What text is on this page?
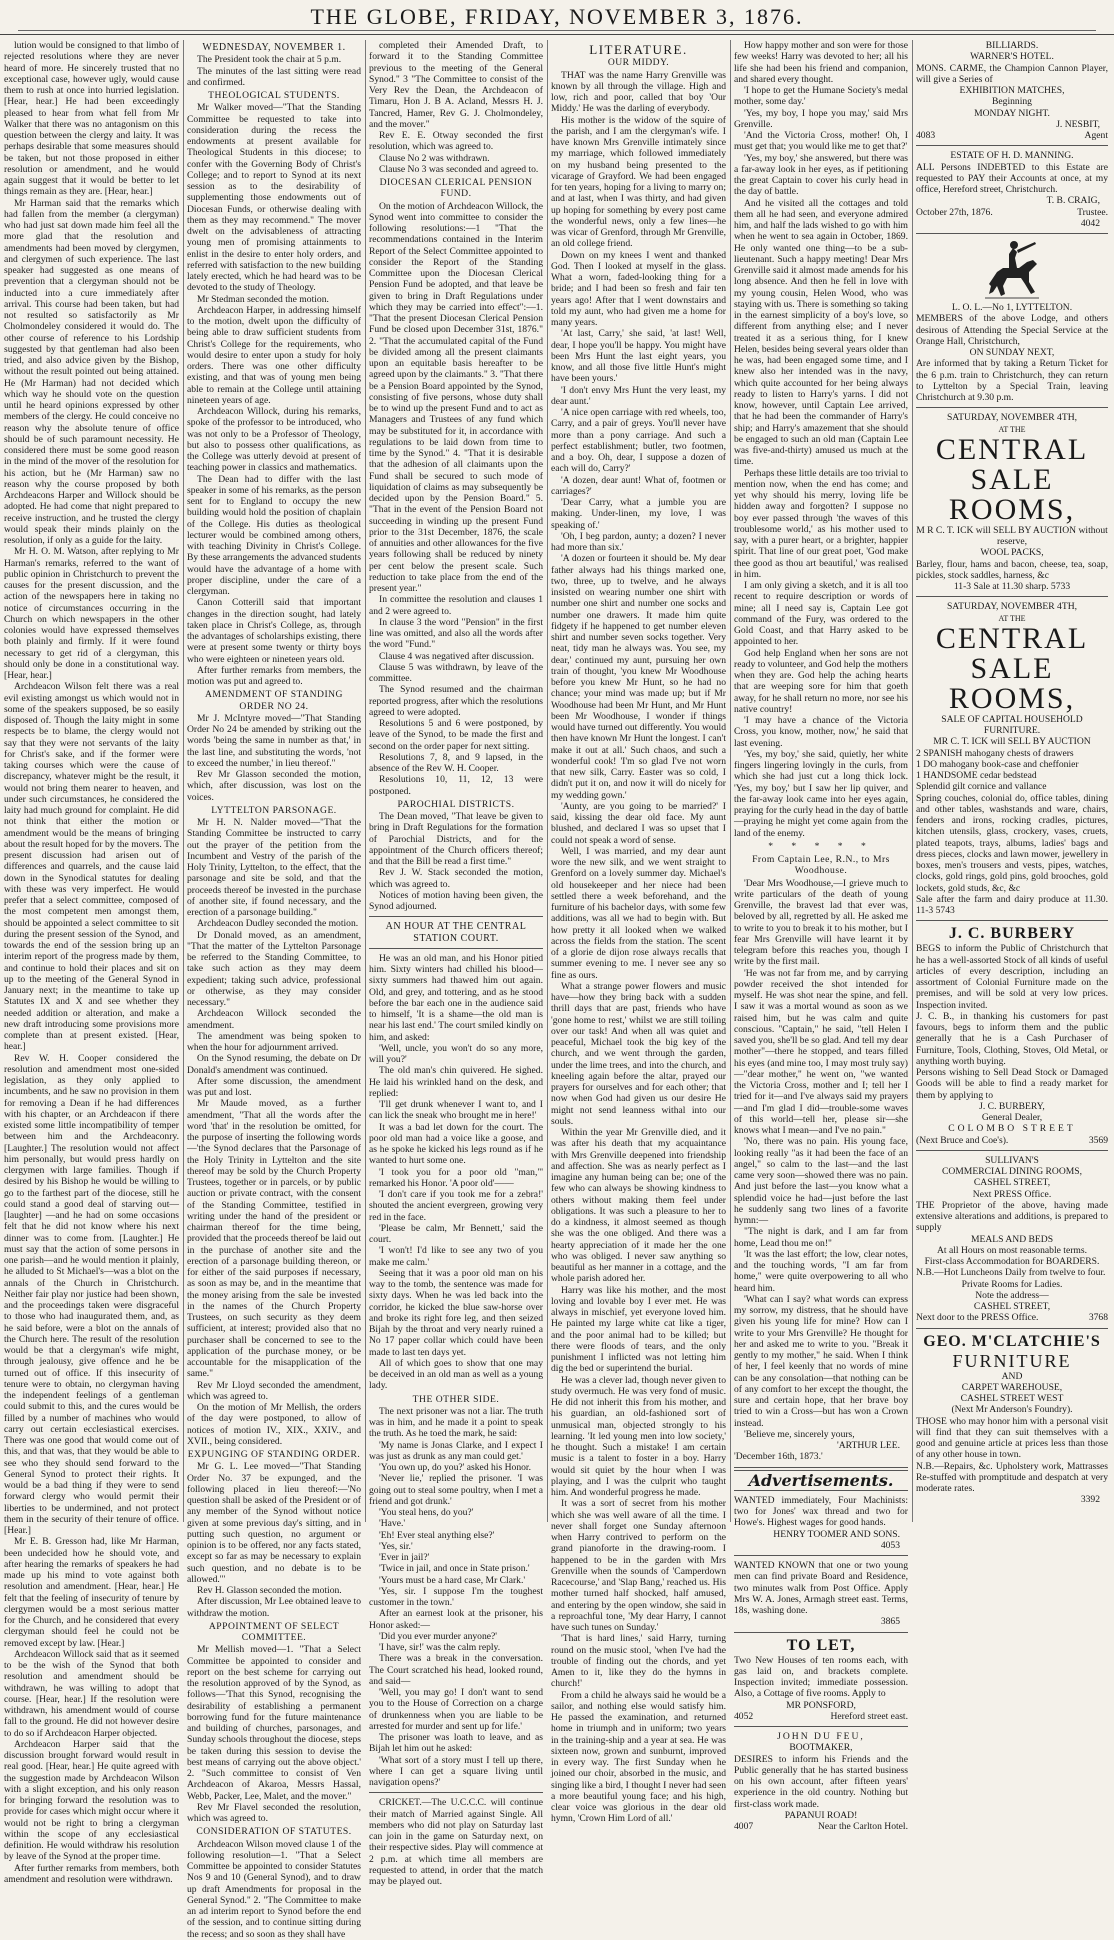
THE GLOBE, FRIDAY, NOVEMBER 3, 1876.

lution would be consigned to that limbo of rejected resolutions where they are never heard of more. He sincerely trusted that no exceptional case, however ugly, would cause them to rush at once into hurried legislation. [Hear, hear.] He had been exceedingly pleased to hear from what fell from Mr Walker that there was no antagonism on this question between the clergy and laity. It was perhaps desirable that some measures should be taken, but not those proposed in either resolution or amendment, and he would again suggest that it would be better to let things remain as they are. [Hear, hear.]

Mr Harman said that the remarks which had fallen from the member (a clergyman) who had just sat down made him feel all the more glad that the resolution and amendments had been moved by clergymen, and clergymen of such experience. The last speaker had suggested as one means of prevention that a clergyman should not be inducted into a cure immediately after arrival. This course had been taken, but had not resulted so satisfactorily as Mr Cholmondeley considered it would do. The other course of reference to his Lordship suggested by that gentleman had also been tried, and also advice given by the Bishop, without the result pointed out being attained. He (Mr Harman) had not decided which which way he should vote on the question until he heard opinions expressed by other members of the clergy. He could conceive no reason why the absolute tenure of office should be of such paramount necessity. He considered there must be some good reason in the mind of the mover of the resolution for his action, but he (Mr Harman) saw no reason why the course proposed by both Archdeacons Harper and Willock should be adopted. He had come that night prepared to receive instruction, and he trusted the clergy would speak their minds plainly on the resolution, if only as a guide for the laity.

Mr H. O. M. Watson, after replying to Mr Harman's remarks, referred to the want of public opinion in Christchurch to prevent the causes for the present discussion, and the action of the newspapers here in taking no notice of circumstances occurring in the Church on which newspapers in the other colonies would have expressed themselves both plainly and firmly. If it were found necessary to get rid of a clergyman, this should only be done in a constitutional way. [Hear, hear.]

Archdeacon Wilson felt there was a real evil existing amongst us which would not in some of the speakers supposed, be so easily disposed of. Though the laity might in some respects be to blame, the clergy would not say that they were not servants of the laity for Christ's sake, and if the former were taking courses which were the cause of discrepancy, whatever might be the result, it would not bring them nearer to heaven, and under such circumstances, he considered the laity had much ground for complaint. He did not think that either the motion or amendment would be the means of bringing about the result hoped for by the movers. The present discussion had arisen out of differences and quarrels, and the cause laid down in the Synodical statutes for dealing with these was very imperfect. He would prefer that a select committee, composed of the most competent men amongst them, should be appointed a select committee to sit during the present session of the Synod, and towards the end of the session bring up an interim report of the progress made by them, and continue to hold their places and sit on up to the meeting of the General Synod in January next; in the meantime to take up Statutes IX and X and see whether they needed addition or alteration, and make a new draft introducing some provisions more complete than at present existed. [Hear, hear.]

Rev W. H. Cooper considered the resolution and amendment most one-sided legislation, as they only applied to incumbents, and he saw no provision in them for removing a Dean if he had differences with his chapter, or an Archdeacon if there existed some little incompatibility of temper between him and the Archdeaconry. [Laughter.] The resolution would not affect him personally, but would press hardly on clergymen with large families. Though if desired by his Bishop he would be willing to go to the farthest part of the diocese, still he could stand a good deal of starving out—[laughter] —and he had on some occasions felt that he did not know where his next dinner was to come from. [Laughter.] He must say that the action of some persons in one parish—and he would mention it plainly, he alluded to St Michael's—was a blot on the annals of the Church in Christchurch. Neither fair play nor justice had been shown, and the proceedings taken were disgraceful to those who had inaugurated them, and, as he said before, were a blot on the annals of the Church here. The result of the resolution would be that a clergyman's wife might, through jealousy, give offence and he be turned out of office. If this insecurity of tenure were to obtain, no clergyman having the independent feelings of a gentleman could submit to this, and the cures would be filled by a number of machines who would carry out certain ecclesiastical exercises. There was one good that would come out of this, and that was, that they would be able to see who they should send forward to the General Synod to protect their rights. It would be a bad thing if they were to send forward clergy who would permit their liberties to be undermined, and not protect them in the security of their tenure of office. [Hear.]

Mr E. B. Gresson had, like Mr Harman, been undecided how he should vote, and after hearing the remarks of speakers he had made up his mind to vote against both resolution and amendment. [Hear, hear.] He felt that the feeling of insecurity of tenure by clergymen would be a most serious matter for the Church, and he considered that every clergyman should feel he could not be removed except by law. [Hear.]

Archdeacon Willock said that as it seemed to be the wish of the Synod that both resolution and amendment should be withdrawn, he was willing to adopt that course. [Hear, hear.] If the resolution were withdrawn, his amendment would of course fall to the ground. He did not however desire to do so if Archdeacon Harper objected.

Archdeacon Harper said that the discussion brought forward would result in real good. [Hear, hear.] He quite agreed with the suggestion made by Archdeacon Wilson with a slight exception, and his only reason for bringing forward the resolution was to provide for cases which might occur where it would not be right to bring a clergyman within the scope of any ecclesiastical definition. He would withdraw his resolution by leave of the Synod at the proper time.

After further remarks from members, both amendment and resolution were withdrawn.

WEDNESDAY, NOVEMBER 1.

The President took the chair at 5 p.m.

The minutes of the last sitting were read and confirmed.

THEOLOGICAL STUDENTS.

Mr Walker moved—"That the Standing Committee be requested to take into consideration during the recess the endowments at present available for Theological Students in this diocese; to confer with the Governing Body of Christ's College; and to report to Synod at its next session as to the desirability of supplementing those endowments out of Diocesan Funds, or otherwise dealing with them as they may recommend." The mover dwelt on the advisableness of attracting young men of promising attainments to enlist in the desire to enter holy orders, and referred with satisfaction to the new building lately erected, which he had heard was to be devoted to the study of Theology.

Mr Stedman seconded the motion.

Archdeacon Harper, in addressing himself to the motion, dwelt upon the difficulty of being able to draw sufficient students from Christ's College for the requirements, who would desire to enter upon a study for holy orders. There was one other difficulty existing, and that was of young men being able to remain at the College until attaining nineteen years of age.

Archdeacon Willock, during his remarks, spoke of the professor to be introduced, who was not only to be a Professor of Theology, but also to possess other qualifications, as the College was utterly devoid at present of teaching power in classics and mathematics.

The Dean had to differ with the last speaker in some of his remarks, as the person sent for to England to occupy the new building would hold the position of chaplain of the College. His duties as theological lecturer would be combined among others, with teaching Divinity in Christ's College. By these arrangements the advanced students would have the advantage of a home with proper discipline, under the care of a clergyman.

Canon Cotterill said that important changes in the direction sought, had lately taken place in Christ's College, as, through the advantages of scholarships existing, there were at present some twenty or thirty boys who were eighteen or nineteen years old.

After further remarks from members, the motion was put and agreed to.

AMENDMENT OF STANDING ORDER NO 24.

Mr J. McIntyre moved—"That Standing Order No 24 be amended by striking out the words 'being the same in number as that,' in the last line, and substituting the words, 'not to exceed the number,' in lieu thereof."

Rev Mr Glasson seconded the motion, which, after discussion, was lost on the voices.

LYTTELTON PARSONAGE.

Mr H. N. Nalder moved—"That the Standing Committee be instructed to carry out the prayer of the petition from the Incumbent and Vestry of the parish of the Holy Trinity, Lyttelton, to the effect, that the parsonage and site be sold, and that the proceeds thereof be invested in the purchase of another site, if found necessary, and the erection of a parsonage building."

Archdeacon Dudley seconded the motion.

Dr Donald moved, as an amendment, "That the matter of the Lyttelton Parsonage be referred to the Standing Committee, to take such action as they may deem expedient; taking such advice, professional or otherwise, as they may consider necessary."

Archdeacon Willock seconded the amendment.

The amendment was being spoken to when the hour for adjournment arrived.

On the Synod resuming, the debate on Dr Donald's amendment was continued.

After some discussion, the amendment was put and lost.

Mr Maude moved, as a further amendment, "That all the words after the word 'that' in the resolution be omitted, for the purpose of inserting the following words—'the Synod declares that the Parsonage of the Holy Trinity in Lyttelton and the site thereof may be sold by the Church Property Trustees, together or in parcels, or by public auction or private contract, with the consent of the Standing Committee, testified in writing under the hand of the president or chairman thereof for the time being, provided that the proceeds thereof be laid out in the purchase of another site and the erection of a parsonage building thereon, or for either of the said purposes if necessary, as soon as may be, and in the meantime that the money arising from the sale be invested in the names of the Church Property Trustees, on such security as they deem sufficient, at interest; provided also that no purchaser shall be concerned to see to the application of the purchase money, or be accountable for the misapplication of the same."

Rev Mr Lloyd seconded the amendment, which was agreed to.

On the motion of Mr Mellish, the orders of the day were postponed, to allow of notices of motion IV., XIX., XXIV., and XVII., being considered.

EXPUNGING OF STANDING ORDER.

Mr G. L. Lee moved—"That Standing Order No. 37 be expunged, and the following placed in lieu thereof:—'No question shall be asked of the President or of any member of the Synod without notice given at some previous day's sitting, and in putting such question, no argument or opinion is to be offered, nor any facts stated, except so far as may be necessary to explain such question, and no debate is to be allowed.'"

Rev H. Glasson seconded the motion.

After discussion, Mr Lee obtained leave to withdraw the motion.

APPOINTMENT OF SELECT COMMITTEE.

Mr Mellish moved—1. "That a Select Committee be appointed to consider and report on the best scheme for carrying out the resolution approved of by the Synod, as follows—'That this Synod, recognising the desirability of establishing a permanent borrowing fund for the future maintenance and building of churches, parsonages, and Sunday schools throughout the diocese, steps be taken during this session to devise the best means of carrying out the above object.' 2. "Such committee to consist of Ven Archdeacon of Akaroa, Messrs Hassal, Webb, Packer, Lee, Malet, and the mover."

Rev Mr Flavel seconded the resolution, which was agreed to.

CONSIDERATION OF STATUTES.

Archdeacon Wilson moved clause 1 of the following resolution—1. "That a Select Committee be appointed to consider Statutes Nos 9 and 10 (General Synod), and to draw up draft Amendments for proposal in the General Synod." 2. "The Committee to make an ad interim report to Synod before the end of the session, and to continue sitting during the recess; and so soon as they shall have

completed their Amended Draft, to forward it to the Standing Committee previous to the meeting of the General Synod." 3 "The Committee to consist of the Very Rev the Dean, the Archdeacon of Timaru, Hon J. B A. Acland, Messrs H. J. Tancred, Hamer, Rev G. J. Cholmondeley, and the mover."

Rev E. E. Otway seconded the first resolution, which was agreed to.

Clause No 2 was withdrawn.

Clause No 3 was seconded and agreed to.

DIOCESAN CLERICAL PENSION FUND.

On the motion of Archdeacon Willock, the Synod went into committee to consider the following resolutions:—1 "That the recommendations contained in the Interim Report of the Select Committee appointed to consider the Report of the Standing Committee upon the Diocesan Clerical Pension Fund be adopted, and that leave be given to bring in Draft Regulations under which they may be carried into effect":—1. "That the present Diocesan Clerical Pension Fund be closed upon December 31st, 1876." 2. "That the accumulated capital of the Fund be divided among all the present claimants upon an equitable basis hereafter to be agreed upon by the claimants." 3. "That there be a Pension Board appointed by the Synod, consisting of five persons, whose duty shall be to wind up the present Fund and to act as Managers and Trustees of any fund which may be substituted for it, in accordance with regulations to be laid down from time to time by the Synod." 4. "That it is desirable that the adhesion of all claimants upon the Fund shall be secured to such mode of liquidation of claims as may subsequently be decided upon by the Pension Board." 5. "That in the event of the Pension Board not succeeding in winding up the present Fund prior to the 31st December, 1876, the scale of annuities and other allowances for the five years following shall be reduced by ninety per cent below the present scale. Such reduction to take place from the end of the present year."

In committee the resolution and clauses 1 and 2 were agreed to.

In clause 3 the word "Pension" in the first line was omitted, and also all the words after the word "Fund."

Clause 4 was negatived after discussion.

Clause 5 was withdrawn, by leave of the committee.

The Synod resumed and the chairman reported progress, after which the resolutions agreed to were adopted.

Resolutions 5 and 6 were postponed, by leave of the Synod, to be made the first and second on the order paper for next sitting.

Resolutions 7, 8, and 9 lapsed, in the absence of the Rev W. H. Cooper.

Resolutions 10, 11, 12, 13 were postponed.

PAROCHIAL DISTRICTS.

The Dean moved, "That leave be given to bring in Draft Regulations for the formation of Parochial Districts, and for the appointment of the Church officers thereof; and that the Bill be read a first time."

Rev J. W. Stack seconded the motion, which was agreed to.

Notices of motion having been given, the Synod adjourned.

AN HOUR AT THE CENTRAL STATION COURT.

He was an old man, and his Honor pitied him. Sixty winters had chilled his blood—sixty summers had thawed him out again. Old, and grey, and tottering, and as he stood before the bar each one in the audience said to himself, 'It is a shame—the old man is near his last end.' The court smiled kindly on him, and asked:

'Well, uncle, you won't do so any more, will you?'

The old man's chin quivered. He sighed. He laid his wrinkled hand on the desk, and replied:

'I'll get drunk whenever I want to, and I can lick the sneak who brought me in here!'

It was a bad let down for the court. The poor old man had a voice like a goose, and as he spoke he kicked his legs round as if he wanted to hurt some one.

'I took you for a poor old "man,"' remarked his Honor. 'A poor old'——

'I don't care if you took me for a zebra!' shouted the ancient evergreen, growing very red in the face.

'Please be calm, Mr Bennett,' said the court.

'I won't! I'd like to see any two of you make me calm.'

Seeing that it was a poor old man on his way to the tomb, the sentence was made for sixty days. When he was led back into the corridor, he kicked the blue saw-horse over and broke its right fore leg, and then seized Bijah by the throat and very nearly ruined a No 17 paper collar which could have been made to last ten days yet.

All of which goes to show that one may be deceived in an old man as well as a young lady.

THE OTHER SIDE.

The next prisoner was not a liar. The truth was in him, and he made it a point to speak the truth. As he toed the mark, he said:

'My name is Jonas Clarke, and I expect I was just as drunk as any man could get.'

'You own up, do you?' asked his Honor.

'Never lie,' replied the prisoner. 'I was going out to steal some poultry, when I met a friend and got drunk.'

'You steal hens, do you?'

'Have.'

'Eh! Ever steal anything else?'

'Yes, sir.'

'Ever in jail?'

'Twice in jail, and once in State prison.'

'Yours must be a hard case, Mr Clark.'

'Yes, sir. I suppose I'm the toughest customer in the town.'

After an earnest look at the prisoner, his Honor asked:—

'Did you ever murder anyone?'

'I have, sir!' was the calm reply.

There was a break in the conversation. The Court scratched his head, looked round, and said—

'Well, you may go! I don't want to send you to the House of Correction on a charge of drunkenness when you are liable to be arrested for murder and sent up for life.'

The prisoner was loath to leave, and as Bijah let him out he asked:

'What sort of a story must I tell up there, where I can get a square living until navigation opens?'

CRICKET.—The U.C.C.C. will continue their match of Married against Single. All members who did not play on Saturday last can join in the game on Saturday next, on their respective sides. Play will commence at 2 p.m. at which time all members are requested to attend, in order that the match may be played out.

LITERATURE.
OUR MIDDY.

THAT was the name Harry Grenville was known by all through the village. High and low, rich and poor, called that boy 'Our Middy.' He was the darling of everybody.

His mother is the widow of the squire of the parish, and I am the clergyman's wife. I have known Mrs Grenville intimately since my marriage, which followed immediately on my husband being presented to the vicarage of Grayford. We had been engaged for ten years, hoping for a living to marry on; and at last, when I was thirty, and had given up hoping for something by every post came the wonderful news, only a few lines—he was vicar of Grenford, through Mr Grenville, an old college friend.

Down on my knees I went and thanked God. Then I looked at myself in the glass. What a worn, faded-looking thing for a bride; and I had been so fresh and fair ten years ago! After that I went downstairs and told my aunt, who had given me a home for many years.

'At last, Carry,' she said, 'at last! Well, dear, I hope you'll be happy. You might have been Mrs Hunt the last eight years, you know, and all those five little Hunt's might have been yours.'

'I don't envy Mrs Hunt the very least, my dear aunt.'

'A nice open carriage with red wheels, too, Carry, and a pair of greys. You'll never have more than a pony carriage. And such a perfect establishment; butler, two footmen, and a boy. Oh, dear, I suppose a dozen of each will do, Carry?'

'A dozen, dear aunt! What of, footmen or carriages?'

'Dear Carry, what a jumble you are making. Under-linen, my love, I was speaking of.'

'Oh, I beg pardon, aunty; a dozen? I never had more than six.'

'A dozen or fourteen it should be. My dear father always had his things marked one, two, three, up to twelve, and he always insisted on wearing number one shirt with number one shirt and number one socks and number one drawers. It made him quite fidgety if he happened to get number eleven shirt and number seven socks together. Very neat, tidy man he always was. You see, my dear,' continued my aunt, pursuing her own train of thought, 'you knew Mr Woodhouse before you knew Mr Hunt, so he had no chance; your mind was made up; but if Mr Woodhouse had been Mr Hunt, and Mr Hunt been Mr Woodhouse, I wonder if things would have turned out differently. You would then have known Mr Hunt the longest. I can't make it out at all.' Such chaos, and such a wonderful cook! 'I'm so glad I've not worn that new silk, Carry. Easter was so cold, I didn't put it on, and now it will do nicely for my wedding gown.'

'Aunty, are you going to be married?' I said, kissing the dear old face. My aunt blushed, and declared I was so upset that I could not speak a word of sense.

Well, I was married, and my dear aunt wore the new silk, and we went straight to Grenford on a lovely summer day. Michael's old housekeeper and her niece had been settled there a week beforehand, and the furniture of his bachelor days, with some few additions, was all we had to begin with. But how pretty it all looked when we walked across the fields from the station. The scent of a glorie de dijon rose always recalls that summer evening to me. I never see any so fine as ours.

What a strange power flowers and music have—how they bring back with a sudden thrill days that are past, friends who have 'gone home to rest,' whilst we are still toiling over our task! And when all was quiet and peaceful, Michael took the big key of the church, and we went through the garden, under the lime trees, and into the church, and kneeling again before the altar, prayed our prayers for ourselves and for each other; that now when God had given us our desire He might not send leanness withal into our souls.

Within the year Mr Grenville died, and it was after his death that my acquaintance with Mrs Grenville deepened into friendship and affection. She was as nearly perfect as I imagine any human being can be; one of the few who can always be showing kindness to others without making them feel under obligations. It was such a pleasure to her to do a kindness, it almost seemed as though she was the one obliged. And there was a hearty appreciation of it made her the one who was obliged. I never saw anything so beautiful as her manner in a cottage, and the whole parish adored her.

Harry was like his mother, and the most loving and lovable boy I ever met. He was always in mischief, yet everyone loved him. He painted my large white cat like a tiger, and the poor animal had to be killed; but there were floods of tears, and the only punishment I inflicted was not letting him dig the bed or superintend the burial.

He was a clever lad, though never given to study overmuch. He was very fond of music. He did not inherit this from his mother, and his guardian, an old-fashioned sort of unmusical man, objected strongly to his learning. 'It led young men into low society,' he thought. Such a mistake! I am certain music is a talent to foster in a boy. Harry would sit quiet by the hour when I was playing, and I was the culprit who taught him. And wonderful progress he made.

It was a sort of secret from his mother which she was well aware of all the time. I never shall forget one Sunday afternoon when Harry contrived to perform on the grand pianoforte in the drawing-room. I happened to be in the garden with Mrs Grenville when the sounds of 'Camperdown Racecourse,' and 'Slap Bang,' reached us. His mother turned half shocked, half amused, and entering by the open window, she said in a reproachful tone, 'My dear Harry, I cannot have such tunes on Sunday.'

'That is hard lines,' said Harry, turning round on the music stool, 'when I've had the trouble of finding out the chords, and yet Amen to it, like they do the hymns in church!'

From a child he always said he would be a sailor, and nothing else would satisfy him. He passed the examination, and returned home in triumph and in uniform; two years in the training-ship and a year at sea. He was sixteen now, grown and sunburnt, improved in every way. The first Sunday when he joined our choir, absorbed in the music, and singing like a bird, I thought I never had seen a more beautiful young face; and his high, clear voice was glorious in the dear old hymn, 'Crown Him Lord of all.'

How happy mother and son were for those few weeks! Harry was devoted to her; all his life she had been his friend and companion, and shared every thought.

'I hope to get the Humane Society's medal mother, some day.'

'Yes, my boy, I hope you may,' said Mrs Grenville.

'And the Victoria Cross, mother! Oh, I must get that; you would like me to get that?'

'Yes, my boy,' she answered, but there was a far-away look in her eyes, as if petitioning the great Captain to cover his curly head in the day of battle.

And he visited all the cottages and told them all he had seen, and everyone admired him, and half the lads wished to go with him when he went to sea again in October, 1869. He only wanted one thing—to be a sub-lieutenant. Such a happy meeting! Dear Mrs Grenville said it almost made amends for his long absence. And then he fell in love with my young cousin, Helen Wood, who was staying with us. There is something so taking in the earnest simplicity of a boy's love, so different from anything else; and I never treated it as a serious thing, for I knew Helen, besides being several years older than he was, had been engaged some time, and I knew also her intended was in the navy, which quite accounted for her being always ready to listen to Harry's yarns. I did not know, however, until Captain Lee arrived, that he had been the commander of Harry's ship; and Harry's amazement that she should be engaged to such an old man (Captain Lee was five-and-thirty) amused us much at the time.

Perhaps these little details are too trivial to mention now, when the end has come; and yet why should his merry, loving life be hidden away and forgotten? I suppose no boy ever passed through 'the waves of this troublesome world,' as his mother used to say, with a purer heart, or a brighter, happier spirit. That line of our great poet, 'God make thee good as thou art beautiful,' was realised in him.

I am only giving a sketch, and it is all too recent to require description or words of mine; all I need say is, Captain Lee got command of the Fury, was ordered to the Gold Coast, and that Harry asked to be appointed to her.

God help England when her sons are not ready to volunteer, and God help the mothers when they are. God help the aching hearts that are weeping sore for him that goeth away, for he shall return no more, nor see his native country!

'I may have a chance of the Victoria Cross, you know, mother, now,' he said that last evening.

'Yes, my boy,' she said, quietly, her white fingers lingering lovingly in the curls, from which she had just cut a long thick lock. 'Yes, my boy,' but I saw her lip quiver, and the far-away look came into her eyes again, praying for the curly head in the day of battle—praying he might yet come again from the land of the enemy.

* * * * *
From Captain Lee, R.N., to Mrs Woodhouse.

'Dear Mrs Woodhouse,—I grieve much to write particulars of the death of young Grenville, the bravest lad that ever was, beloved by all, regretted by all. He asked me to write to you to break it to his mother, but I fear Mrs Grenville will have learnt it by telegram before this reaches you, though I write by the first mail.

'He was not far from me, and by carrying powder received the shot intended for myself. He was shot near the spine, and fell. I saw it was a mortal wound as soon as we raised him, but he was calm and quite conscious. "Captain," he said, "tell Helen I saved you, she'll be so glad. And tell my dear mother"—there he stopped, and tears filled his eyes (and mine too, I may most truly say)—"dear mother," he went on, "we wanted the Victoria Cross, mother and I; tell her I tried for it—and I've always said my prayers—and I'm glad I did—trouble-some waves of this world—tell her, please sir—she knows what I mean—and I've no pain."

'No, there was no pain. His young face, looking really "as it had been the face of an angel," so calm to the last—and the last came very soon—showed there was no pain. And just before the last—you know what a splendid voice he had—just before the last he suddenly sang two lines of a favorite hymn:—

"The night is dark, and I am far from home, Lead thou me on!"

'It was the last effort; the low, clear notes, and the touching words, "I am far from home," were quite overpowering to all who heard him.

'What can I say? what words can express my sorrow, my distress, that he should have given his young life for mine? How can I write to your Mrs Grenville? He thought for her and asked me to write to you. "Break it gently to my mother," he said. When I think of her, I feel keenly that no words of mine can be any consolation—that nothing can be of any comfort to her except the thought, the sure and certain hope, that her brave boy tried to win a Cross—but has won a Crown instead.

'Believe me, sincerely yours,

'ARTHUR LEE.
'December 16th, 1873.'
Advertisements.
WANTED immediately, Four Machinists: two for Jones' wax thread and two for Howe's. Highest wages for good hands.
HENRY TOOMER AND SONS.
4053
WANTED KNOWN that one or two young men can find private Board and Residence, two minutes walk from Post Office. Apply Mrs W. A. Jones, Armagh street east. Terms, 18s, washing done.
3865
TO LET,
Two New Houses of ten rooms each, with gas laid on, and brackets complete. Inspection invited; immediate possession. Also, a Cottage of five rooms. Apply to
MR PONSFORD,
4052	Hereford street east.
JOHN DU FEU,
BOOTMAKER,
DESIRES to inform his Friends and the Public generally that he has started business on his own account, after fifteen years' experience in the old country. Nothing but first-class work made.
PAPANUI ROAD!
4007	Near the Carlton Hotel.
BILLIARDS.
WARNER'S HOTEL.
MONS. CARME, the Champion Cannon Player, will give a Series of
EXHIBITION MATCHES,
Beginning
MONDAY NIGHT.
J. NESBIT,
4083	Agent
ESTATE OF H. D. MANNING.
ALL Persons INDEBTED to this Estate are requested to PAY their Accounts at once, at my office, Hereford street, Christchurch.
T. B. CRAIG,
October 27th, 1876.	Trustee.
4042
L. O. L.—No 1, LYTTELTON.
MEMBERS of the above Lodge, and others desirous of Attending the Special Service at the Orange Hall, Christchurch,
ON SUNDAY NEXT,
Are informed that by taking a Return Ticket for the 6 p.m. train to Christchurch, they can return to Lyttelton by a Special Train, leaving Christchurch at 9.30 p.m.
SATURDAY, NOVEMBER 4TH,
AT THE
CENTRAL
SALE ROOMS,
M R C. T. ICK will SELL BY AUCTION without reserve,
WOOL PACKS,
Barley, flour, hams and bacon, cheese, tea, soap, pickles, stock saddles, harness, &c
11-3 Sale at 11.30 sharp. 5733
SATURDAY, NOVEMBER 4TH,
AT THE
CENTRAL
SALE ROOMS,
SALE OF CAPITAL HOUSEHOLD FURNITURE.
MR C. T. ICK will SELL BY AUCTION
2 SPANISH mahogany chests of drawers
1 DO mahogany book-case and cheffonier
1 HANDSOME cedar bedstead
Splendid gilt cornice and vallance
Spring couches, colonial do, office tables, dining and other tables, washstands and ware, chairs, fenders and irons, rocking cradles, pictures, kitchen utensils, glass, crockery, vases, cruets, plated teapots, trays, albums, ladies' bags and dress pieces, clocks and lawn mower, jewellery in boxes, men's trousers and vests, pipes, watches, clocks, gold rings, gold pins, gold brooches, gold lockets, gold studs, &c, &c
Sale after the farm and dairy produce at 11.30. 11-3 5743
J. C. BURBERY
BEGS to inform the Public of Christchurch that he has a well-assorted Stock of all kinds of useful articles of every description, including an assortment of Colonial Furniture made on the premises, and will be sold at very low prices. Inspection invited.
J. C. B., in thanking his customers for past favours, begs to inform them and the public generally that he is a Cash Purchaser of Furniture, Tools, Clothing, Stoves, Old Metal, or anything worth buying.
Persons wishing to Sell Dead Stock or Damaged Goods will be able to find a ready market for them by applying to
J. C. BURBERY,
General Dealer,
COLOMBO STREET
(Next Bruce and Coe's).	3569
SULLIVAN'S
COMMERCIAL DINING ROOMS,
CASHEL STREET,
Next PRESS Office.
THE Proprietor of the above, having made extensive alterations and additions, is prepared to supply
MEALS AND BEDS
At all Hours on most reasonable terms.
First-class Accommodation for BOARDERS.
N.B.—Hot Luncheons Daily from twelve to four.
Private Rooms for Ladies.
Note the address—
CASHEL STREET,
Next door to the PRESS Office.	3768
GEO. M'CLATCHIE'S
FURNITURE
AND
CARPET WAREHOUSE,
CASHEL STREET WEST
(Next Mr Anderson's Foundry).
THOSE who may honor him with a personal visit will find that they can suit themselves with a good and genuine article at prices less than those of any other house in town.
N.B.—Repairs, &c. Upholstery work, Mattrasses Re-stuffed with promptitude and despatch at very moderate rates.
3392
